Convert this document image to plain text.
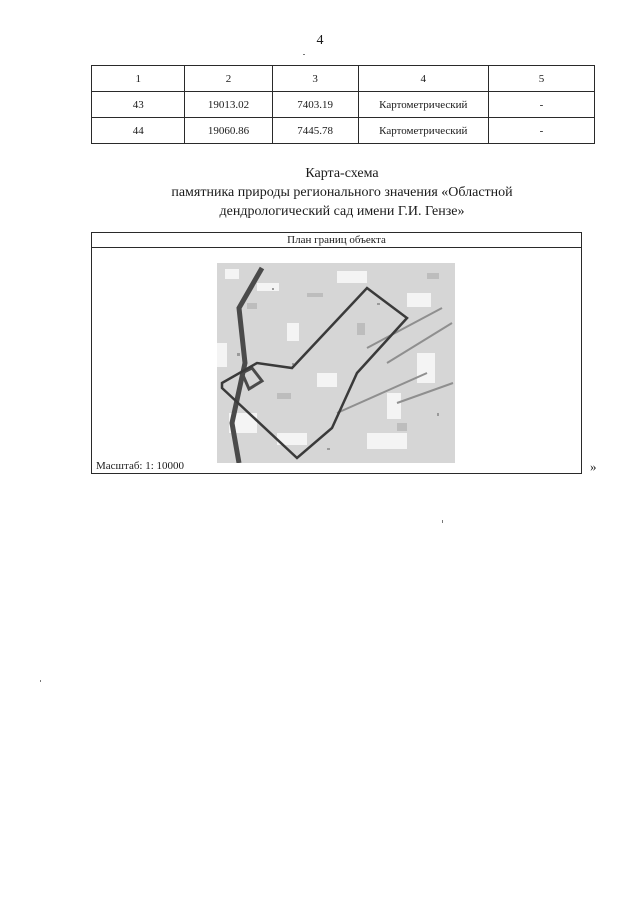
4
1	2	3	4	5
43	19013.02	7403.19	Картометрический	-
44	19060.86	7445.78	Картометрический	-
Карта-схема
памятника природы регионального значения «Областной
дендрологический сад имени Г.И. Гензе»
План границ объекта
Масштаб: 1: 10000	»
